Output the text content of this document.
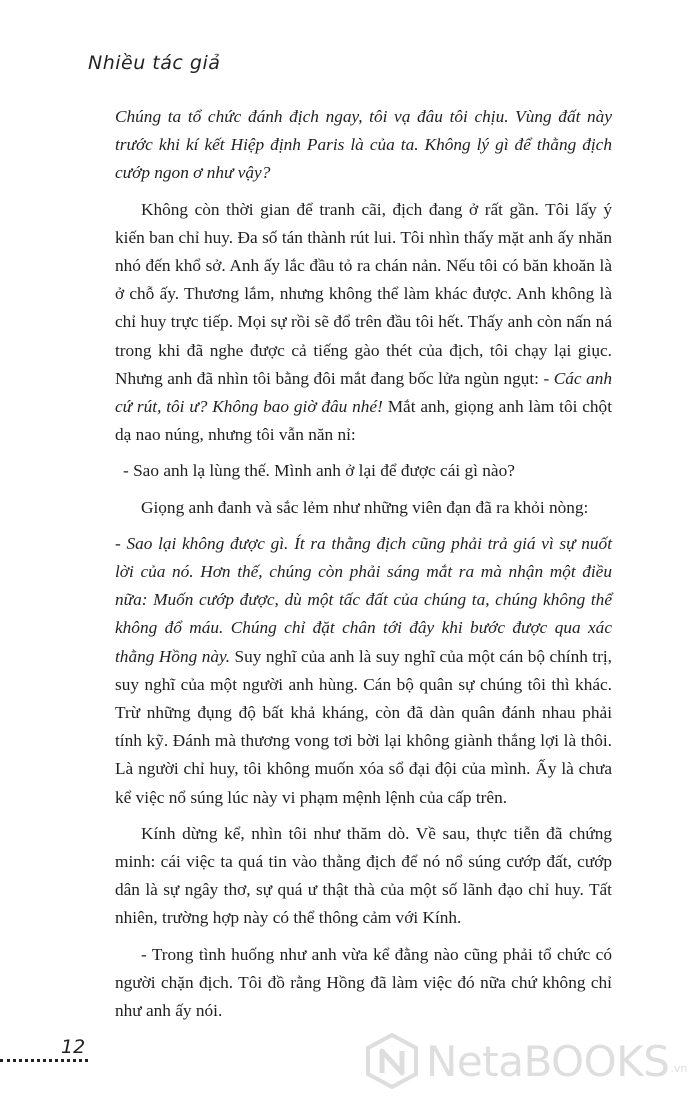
Nhiều tác giả

Chúng ta tổ chức đánh địch ngay, tôi vạ đâu tôi chịu. Vùng đất này trước khi kí kết Hiệp định Paris là của ta. Không lý gì để thằng địch cướp ngon ơ như vậy?

Không còn thời gian để tranh cãi, địch đang ở rất gần. Tôi lấy ý kiến ban chỉ huy. Đa số tán thành rút lui. Tôi nhìn thấy mặt anh ấy nhăn nhó đến khổ sở. Anh ấy lắc đầu tỏ ra chán nản. Nếu tôi có băn khoăn là ở chỗ ấy. Thương lắm, nhưng không thể làm khác được. Anh không là chỉ huy trực tiếp. Mọi sự rồi sẽ đổ trên đầu tôi hết. Thấy anh còn nấn ná trong khi đã nghe được cả tiếng gào thét của địch, tôi chạy lại giục. Nhưng anh đã nhìn tôi bằng đôi mắt đang bốc lửa ngùn ngụt: - Các anh cứ rút, tôi ư? Không bao giờ đâu nhé! Mắt anh, giọng anh làm tôi chột dạ nao núng, nhưng tôi vẫn năn nỉ:

- Sao anh lạ lùng thế. Mình anh ở lại để được cái gì nào?

Giọng anh đanh và sắc lẻm như những viên đạn đã ra khỏi nòng:

- Sao lại không được gì. Ít ra thằng địch cũng phải trả giá vì sự nuốt lời của nó. Hơn thế, chúng còn phải sáng mắt ra mà nhận một điều nữa: Muốn cướp được, dù một tấc đất của chúng ta, chúng không thể không đổ máu. Chúng chỉ đặt chân tới đây khi bước được qua xác thằng Hồng này. Suy nghĩ của anh là suy nghĩ của một cán bộ chính trị, suy nghĩ của một người anh hùng. Cán bộ quân sự chúng tôi thì khác. Trừ những đụng độ bất khả kháng, còn đã dàn quân đánh nhau phải tính kỹ. Đánh mà thương vong tơi bời lại không giành thắng lợi là thôi. Là người chỉ huy, tôi không muốn xóa sổ đại đội của mình. Ấy là chưa kể việc nổ súng lúc này vi phạm mệnh lệnh của cấp trên.

Kính dừng kể, nhìn tôi như thăm dò. Về sau, thực tiễn đã chứng minh: cái việc ta quá tin vào thằng địch để nó nổ súng cướp đất, cướp dân là sự ngây thơ, sự quá ư thật thà của một số lãnh đạo chỉ huy. Tất nhiên, trường hợp này có thể thông cảm với Kính.

- Trong tình huống như anh vừa kể đằng nào cũng phải tổ chức có người chặn địch. Tôi đồ rằng Hồng đã làm việc đó nữa chứ không chỉ như anh ấy nói.

12	NetaBOOKS .vn
